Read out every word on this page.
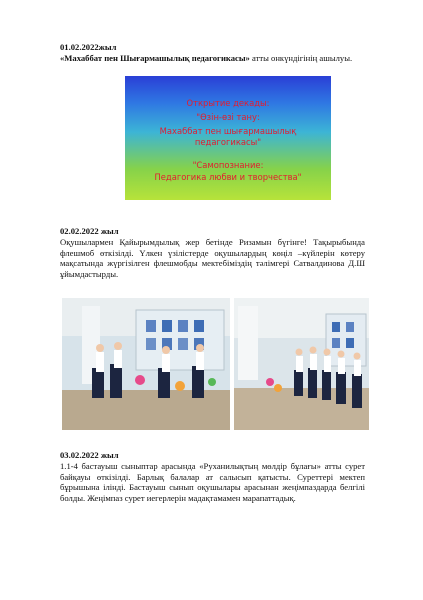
01.02.2022жыл
«Махаббат пен Шығармашылық педагогикасы» атты онкүндігінің ашылуы.
Открытие декады:
"Өзін-өзі тану:
Махаббат пен шығармашылық
педагогикасы"
"Самопознание:
Педагогика любви и творчества"
02.02.2022 жыл
Оқушылармен Қайырымдылық жер бетінде Ризамын бүгінге! Тақырыбында флешмоб өткізілді. Үлкен үзілістерде оқушылардың көңіл –күйлерін көтеру мақсатында жүргізілген флешмобды мектебіміздің тәлімгері Сатвалдинова Д.Ш ұйымдастырды.
03.02.2022 жыл
1.1-4 бастауыш сыныптар арасында «Руханилықтың мөлдір бұлағы» атты сурет байқауы өткізілді. Барлық балалар ат салысып қатысты. Суреттері мектеп бұрышына ілінді. Бастауыш сынып оқушылары арасынан жеңімпаздарда белгілі болды. Жеңімпаз сурет иегерлерін мадақтамамен марапаттадық.
